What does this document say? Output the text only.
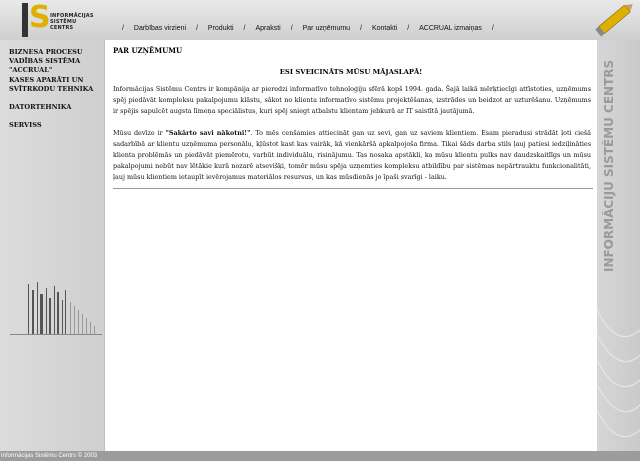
S INFORMĀCIJAS
SISTĒMU
CENTRS	/ Darbības virzieni / Produkti / Apraksti / Par uzņēmumu / Kontakti / ACCRUAL izmaiņas /
BIZNESA PROCESU VADĪBAS SISTĒMA "ACCRUAL"
KASES APARĀTI UN SVĪTRKODU TEHNIKA
DATORTEHNIKA
SERVISS
PAR UZŅĒMUMU
ESI SVEICINĀTS MŪSU MĀJASLAPĀ!
Informācijas Sistēmu Centrs ir kompānija ar pieredzi informatīvo tehnoloģiju sfērā kopš 1994. gada. Šajā laikā mērķtiecīgi attīstoties, uzņēmums spēj piedāvāt kompleksu pakalpojumu klāstu, sākot no klienta informatīvo sistēmu projektēšanas, izstrādes un beidzot ar uzturēšanu. Uzņēmums ir spējis sapulcēt augsta līmeņa speciālistus, kuri spēj sniegt atbalstu klientam jebkurā ar IT saistītā jautājumā.
Mūsu devīze ir "Sakārto savi nākotni!". To mēs cenšamies attiecināt gan uz sevi, gan uz saviem klientiem. Esam pieradusi strādāt ļoti ciešā sadarbībā ar klientu uzņēmuma personālu, kļūstot kast kas vairāk, kā vienkāršā apkalpojoša firma. Tikai šāds darba stils ļauj patiesi iedziļināties klienta problēmās un piedāvāt piemērotu, varbūt individuālu, risinājumu. Tas nosaka apstākli, ka mūsu klientu pulks nav daudzskaitlīgs un mūsu pakalpojumi nebūt nav lētākie kurā nozarē atsevišķi, tomēr mūsu spēja uzņemties kompleksu atbildību par sistēmas nepārtrauktu funkcionalitāti, ļauj mūsu klientiem ietaupīt ievērojamus materiālos resursus, un kas mūsdienās jo īpaši svarīgi - laiku.	INFORMĀCIJU SISTĒMU CENTRS
Informācijas Sistēmu Centrs © 2003
